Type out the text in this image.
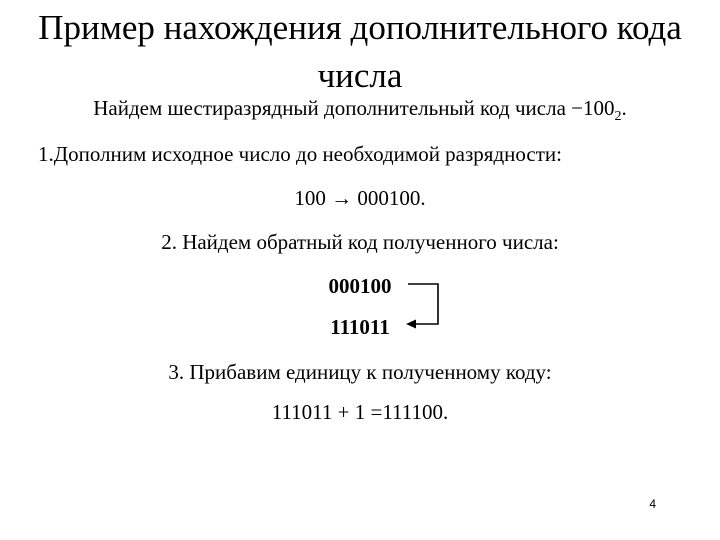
Пример нахождения дополнительного кода
числа
Найдем шестиразрядный дополнительный код числа $-100_2$.
1.Дополним исходное число до необходимой разрядности:
100 → 000100.
2. Найдем обратный код полученного числа:
000100
111011
3. Прибавим единицу к полученному коду:
111011 + 1 =111100.
4
